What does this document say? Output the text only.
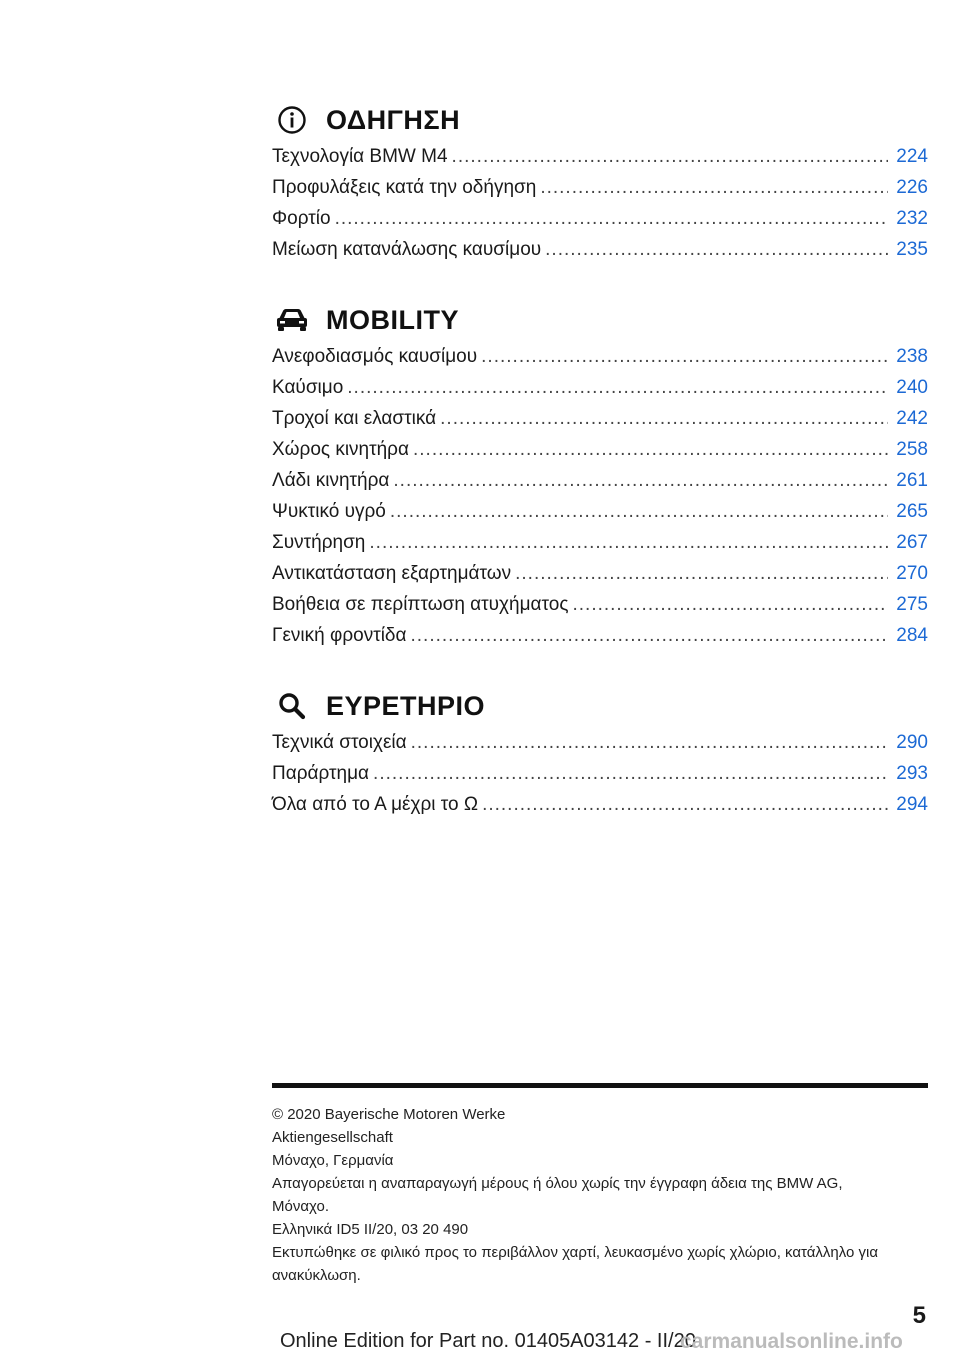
ΟΔΗΓΗΣΗ
Τεχνολογία BMW M4 .....	224
Προφυλάξεις κατά την οδήγηση .....	226
Φορτίο .....	232
Μείωση κατανάλωσης καυσίμου .....	235
MOBILITY
Ανεφοδιασμός καυσίμου .....	238
Καύσιμο .....	240
Τροχοί και ελαστικά .....	242
Χώρος κινητήρα .....	258
Λάδι κινητήρα .....	261
Ψυκτικό υγρό .....	265
Συντήρηση .....	267
Αντικατάσταση εξαρτημάτων .....	270
Βοήθεια σε περίπτωση ατυχήματος .....	275
Γενική φροντίδα .....	284
ΕΥΡΕΤΗΡΙΟ
Τεχνικά στοιχεία .....	290
Παράρτημα .....	293
Όλα από το Α μέχρι το Ω .....	294
© 2020 Bayerische Motoren Werke
Aktiengesellschaft
Μόναχο, Γερμανία
Απαγορεύεται η αναπαραγωγή μέρους ή όλου χωρίς την έγγραφη άδεια της BMW AG,
Μόναχο.
Ελληνικά ID5 II/20, 03 20 490
Εκτυπώθηκε σε φιλικό προς το περιβάλλον χαρτί, λευκασμένο χωρίς χλώριο, κατάλληλο για
ανακύκλωση.
5
Online Edition for Part no. 01405A03142 - II/20
carmanualsonline.info
